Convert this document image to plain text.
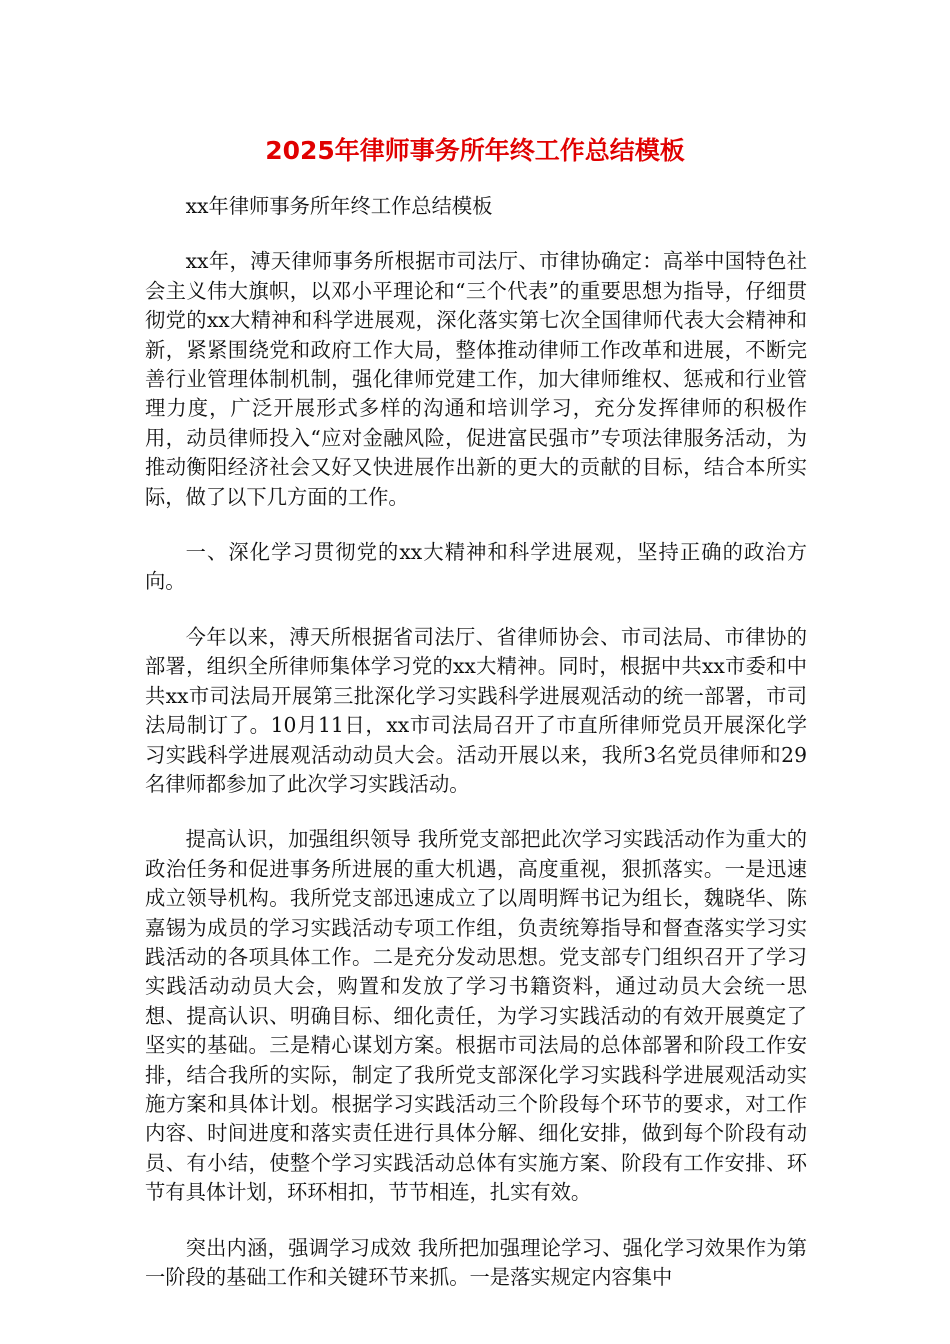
2025年律师事务所年终工作总结模板

xx年律师事务所年终工作总结模板

xx年，溥天律师事务所根据市司法厅、市律协确定：高举中国特色社会主义伟大旗帜，以邓小平理论和“三个代表”的重要思想为指导，仔细贯彻党的xx大精神和科学进展观，深化落实第七次全国律师代表大会精神和新，紧紧围绕党和政府工作大局，整体推动律师工作改革和进展，不断完善行业管理体制机制，强化律师党建工作，加大律师维权、惩戒和行业管理力度，广泛开展形式多样的沟通和培训学习，充分发挥律师的积极作用，动员律师投入“应对金融风险，促进富民强市”专项法律服务活动，为推动衡阳经济社会又好又快进展作出新的更大的贡献的目标，结合本所实际，做了以下几方面的工作。

一、深化学习贯彻党的xx大精神和科学进展观，坚持正确的政治方向。

今年以来，溥天所根据省司法厅、省律师协会、市司法局、市律协的部署，组织全所律师集体学习党的xx大精神。同时，根据中共xx市委和中共xx市司法局开展第三批深化学习实践科学进展观活动的统一部署，市司法局制订了。10月11日，xx市司法局召开了市直所律师党员开展深化学习实践科学进展观活动动员大会。活动开展以来，我所3名党员律师和29名律师都参加了此次学习实践活动。

提高认识，加强组织领导 我所党支部把此次学习实践活动作为重大的政治任务和促进事务所进展的重大机遇，高度重视，狠抓落实。一是迅速成立领导机构。我所党支部迅速成立了以周明辉书记为组长，魏晓华、陈嘉锡为成员的学习实践活动专项工作组，负责统筹指导和督查落实学习实践活动的各项具体工作。二是充分发动思想。党支部专门组织召开了学习实践活动动员大会，购置和发放了学习书籍资料，通过动员大会统一思想、提高认识、明确目标、细化责任，为学习实践活动的有效开展奠定了坚实的基础。三是精心谋划方案。根据市司法局的总体部署和阶段工作安排，结合我所的实际，制定了我所党支部深化学习实践科学进展观活动实施方案和具体计划。根据学习实践活动三个阶段每个环节的要求，对工作内容、时间进度和落实责任进行具体分解、细化安排，做到每个阶段有动员、有小结，使整个学习实践活动总体有实施方案、阶段有工作安排、环节有具体计划，环环相扣，节节相连，扎实有效。

突出内涵，强调学习成效 我所把加强理论学习、强化学习效果作为第一阶段的基础工作和关键环节来抓。一是落实规定内容集中
